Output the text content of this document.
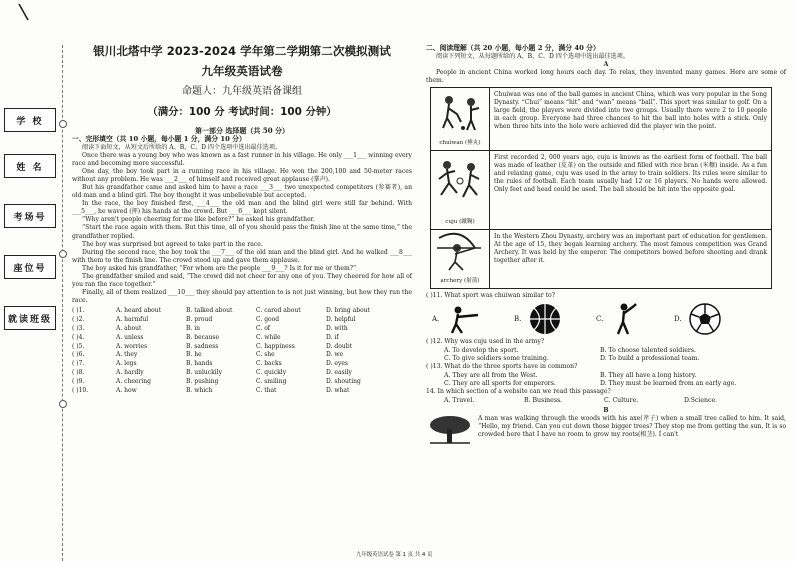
学 校
姓 名
考场号
座位号
就读班级
银川北塔中学 2023-2024 学年第二学期第二次模拟测试
九年级英语试卷
命题人：九年级英语备课组
（满分：100 分 考试时间：100 分钟）
第一部分 选择题（共 50 分）
一、完形填空（共 10 小题，每小题 1 分，满分 10 分）

阅读下面短文，从短文后所给的 A、B、C、D 四个选项中选出最佳选项。

Once there was a young boy who was known as a fast runner in his village. He only ___1___ winning every race and becoming more successful.

One day, the boy took part in a running race in his village. He won the 200,100 and 50-meter races without any problem. He was ___2___ of himself and received great applause (掌声).

But his grandfather came and asked him to have a race ___3___ two unexpected competitors (参赛者), an old man and a blind girl. The boy thought it was unbelievable but accepted.

In the race, the boy finished first, ___4___ the old man and the blind girl were still far behind. With ___5___, he waved (挥) his hands at the crowd. But ___6___ kept silent.

“Why aren't people cheering for me like before?” he asked his grandfather.

“Start the race again with them. But this time, all of you should pass the finish line at the same time,” the grandfather replied.

The boy was surprised but agreed to take part in the race.

During the second race, the boy took the ___7___ of the old man and the blind girl. And he walked ___8___ with them to the finish line. The crowd stood up and gave them applause.

The boy asked his grandfather, “For whom are the people ___9___? Is it for me or them?”

The grandfather smiled and said, “The crowd did not cheer for any one of you. They cheered for how all of you ran the race together.”

Finally, all of them realized ___10___ they should pay attention to is not just winning, but how they run the race.

( )1.	A. heard about	B. talked about	C. cared about	D. bring about
( )2.	A. harmful	B. proud	C. good	D. helpful
( )3.	A. about	B. in	C. of	D. with
( )4.	A. unless	B. because	C. while	D. if
( )5.	A. worries	B. sadness	C. happiness	D. doubt
( )6.	A. they	B. he	C. she	D. we
( )7.	A. legs	B. hands	C. backs	D. eyes
( )8.	A. hardly	B. unluckily	C. quickly	D. easily
( )9.	A. cheering	B. pushing	C. smiling	D. shouting
( )10.	A. how	B. which	C. that	D. what
二、阅读理解（共 20 小题，每小题 2 分，满分 40 分）

阅读下列短文，从每题所给的 A、B、C、D 四个选项中选出最佳选项。

A

People in ancient China worked long hours each day. To relax, they invented many games. Here are some of them.

chuiwan (捶丸)
Chuiwan was one of the ball games in ancient China, which was very popular in the Song Dynasty. “Chui” means “hit” and “wan” means “ball”. This sport was similar to golf. On a large field, the players were divided into two groups. Usually there were 2 to 10 people in each group. Everyone had three chances to hit the ball into holes with a stick. Only when three hits into the hole were achieved did the player win the point.
cuju (蹴鞠)
First recorded 2, 000 years ago, cuju is known as the earliest form of football. The ball was made of leather (皮革) on the outside and filled with rice bran (米糠) inside. As a fun and relaxing game, cuju was used in the army to train soldiers. Its rules were similar to the rules of football. Each team usually had 12 or 16 players. No hands were allowed. Only feet and head could be used. The ball should be hit into the opposite goal.
archery (射箭)
In the Western Zhou Dynasty, archery was an important part of education for gentlemen. At the age of 15, they began learning archery. The most famous competition was Grand Archery. It was held by the emperor. The competitors bowed before shooting and drank together after it.
( )11. What sport was chuiwan similar to?
A.	B.	C.	D.
( )12. Why was cuju used in the army?
A. To develop the sport.	B. To choose talented soldiers.
C. To give soldiers some training.	D. To build a professional team.
( )13. What do the three sports have in common?
A. They are all from the West.	B. They all have a long history.
C. They are all sports for emperors.	D. They must be learned from an early age.
14. In which section of a website can we read this passage?
A. Travel.	B. Business.	C. Culture.	D.Science.
B

A man was walking through the woods with his axe(斧子) when a small tree called to him. It said, “Hello, my friend. Can you cut down those bigger trees? They stop me from getting the sun. It is so crowded here that I have no room to grow my roots(根茎). I can't

九年级英语试卷 第 1 页 共 4 页
